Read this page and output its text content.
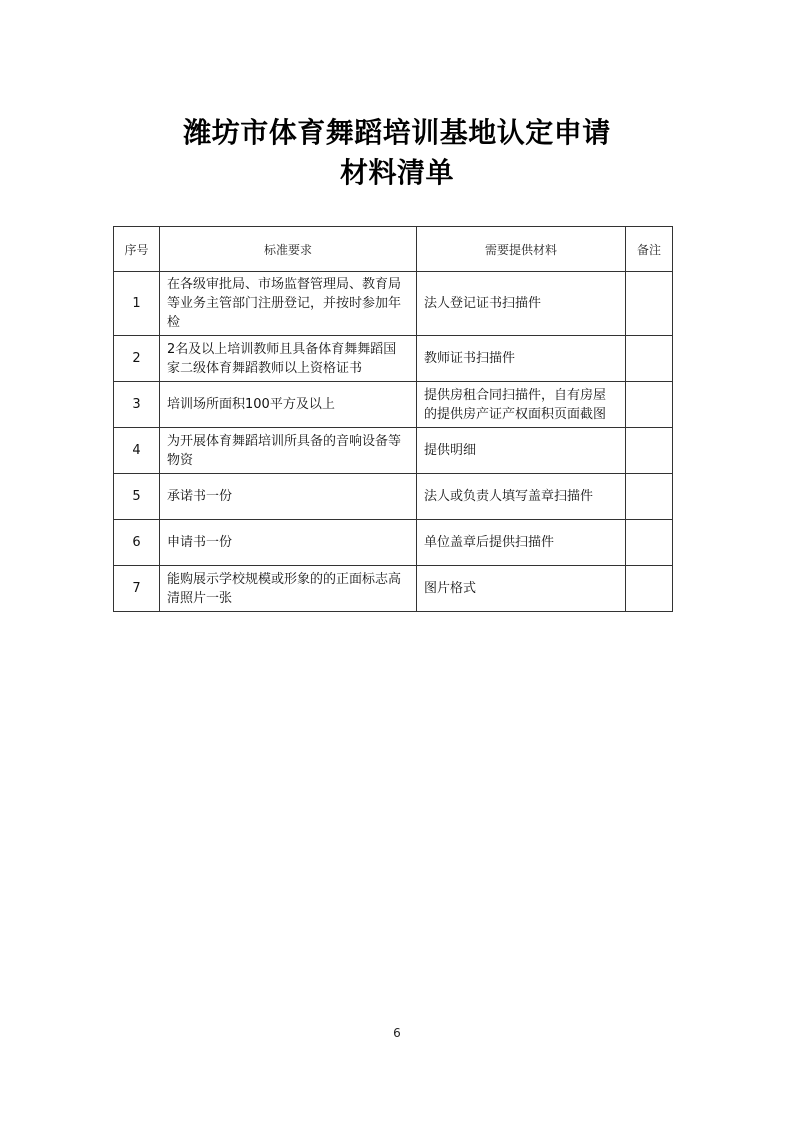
潍坊市体育舞蹈培训基地认定申请
材料清单
序号	标准要求	需要提供材料	备注
1	在各级审批局、市场监督管理局、教育局等业务主管部门注册登记，并按时参加年检	法人登记证书扫描件	
2	2名及以上培训教师且具备体育舞舞蹈国家二级体育舞蹈教师以上资格证书	教师证书扫描件	
3	培训场所面积100平方及以上	提供房租合同扫描件，自有房屋的提供房产证产权面积页面截图	
4	为开展体育舞蹈培训所具备的音响设备等物资	提供明细	
5	承诺书一份	法人或负责人填写盖章扫描件	
6	申请书一份	单位盖章后提供扫描件	
7	能购展示学校规模或形象的的正面标志高清照片一张	图片格式	
6
